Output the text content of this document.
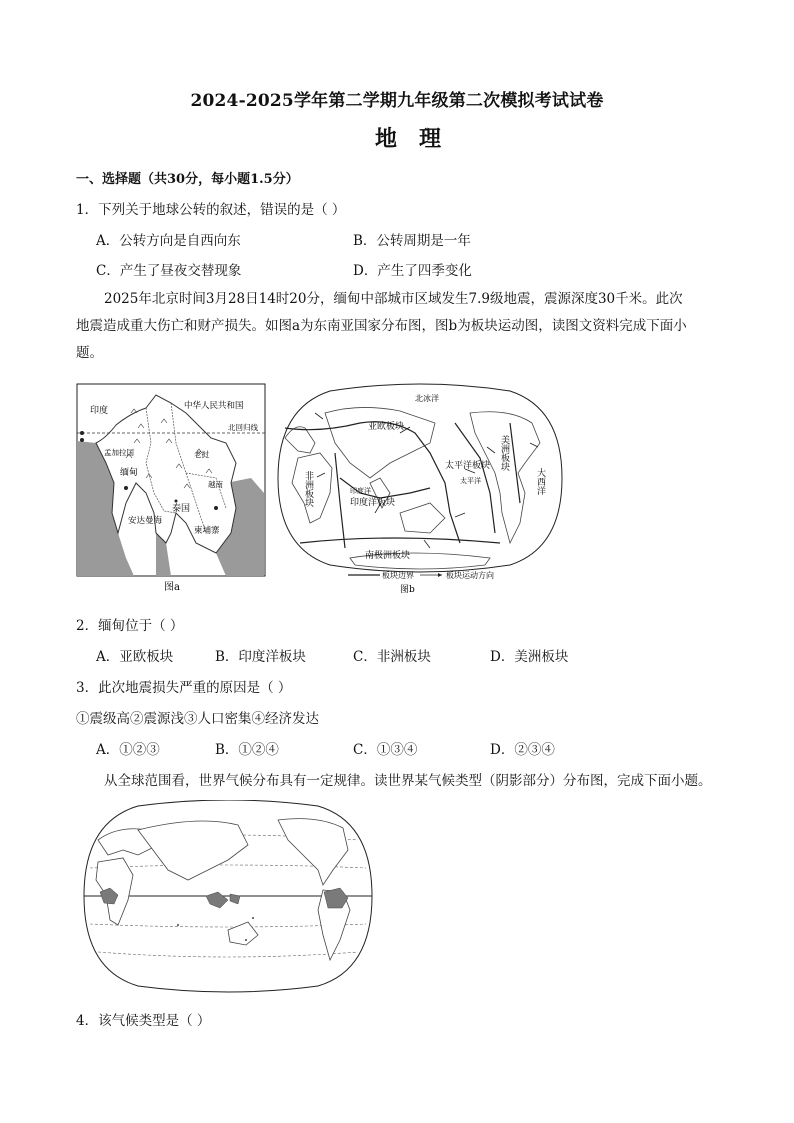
2024-2025学年第二学期九年级第二次模拟考试试卷
地理
一、选择题（共30分，每小题1.5分）
1．下列关于地球公转的叙述，错误的是（ ）
A．公转方向是自西向东	B．公转周期是一年
C．产生了昼夜交替现象	D．产生了四季变化
2025年北京时间3月28日14时20分，缅甸中部城市区域发生7.9级地震，震源深度30千米。此次
地震造成重大伤亡和财产损失。如图a为东南亚国家分布图，图b为板块运动图，读图文资料完成下面小
题。
印度	中华人民共和国
北回归线
孟加拉国
缅甸
老挝
越南
泰国
柬埔寨
安达曼海
暹罗湾
图a
北冰洋
亚欧板块
太平洋板块
太平洋
印度洋
印度洋板块
非洲板块
美洲板块
大西洋
南极洲板块
板块边界	板块运动方向
图b
2．缅甸位于（ ）
A．亚欧板块	B．印度洋板块	C．非洲板块	D．美洲板块
3．此次地震损失严重的原因是（ ）
①震级高②震源浅③人口密集④经济发达
A．①②③	B．①②④	C．①③④	D．②③④
从全球范围看，世界气候分布具有一定规律。读世界某气候类型（阴影部分）分布图，完成下面小题。
4．该气候类型是（ ）
